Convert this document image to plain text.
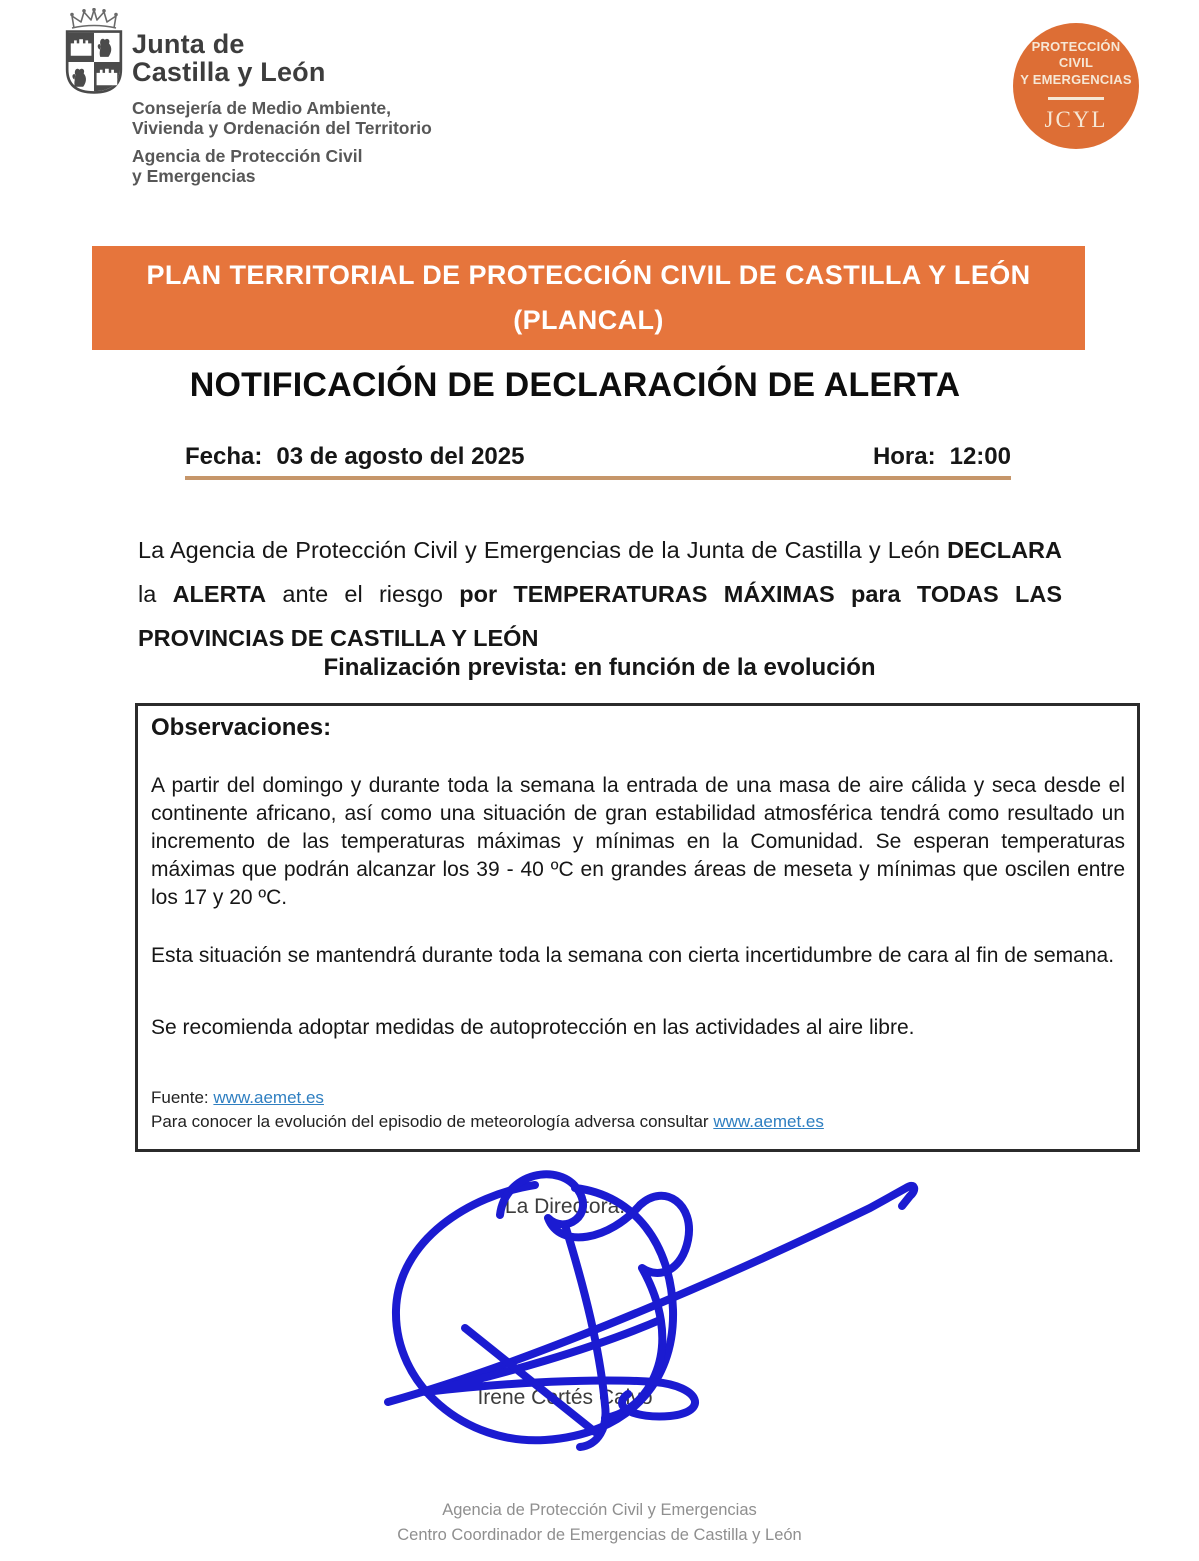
Junta de
Castilla y León
Consejería de Medio Ambiente,
Vivienda y Ordenación del Territorio
Agencia de Protección Civil
y Emergencias
PROTECCIÓN CIVIL
Y EMERGENCIAS
JCYL
PLAN TERRITORIAL DE PROTECCIÓN CIVIL DE CASTILLA Y LEÓN
(PLANCAL)
NOTIFICACIÓN DE DECLARACIÓN DE ALERTA
Fecha: 03 de agosto del 2025	Hora: 12:00

La Agencia de Protección Civil y Emergencias de la Junta de Castilla y León DECLARA la ALERTA ante el riesgo por TEMPERATURAS MÁXIMAS para TODAS LAS PROVINCIAS DE CASTILLA Y LEÓN

Finalización prevista: en función de la evolución
Observaciones:

A partir del domingo y durante toda la semana la entrada de una masa de aire cálida y seca desde el continente africano, así como una situación de gran estabilidad atmosférica tendrá como resultado un incremento de las temperaturas máximas y mínimas en la Comunidad. Se esperan temperaturas máximas que podrán alcanzar los 39 - 40 ºC en grandes áreas de meseta y mínimas que oscilen entre los 17 y 20 ºC.

Esta situación se mantendrá durante toda la semana con cierta incertidumbre de cara al fin de semana.

Se recomienda adoptar medidas de autoprotección en las actividades al aire libre.

Fuente: www.aemet.es
Para conocer la evolución del episodio de meteorología adversa consultar www.aemet.es
La Directora.
Irene Cortés Calvo
Agencia de Protección Civil y Emergencias
Centro Coordinador de Emergencias de Castilla y León
